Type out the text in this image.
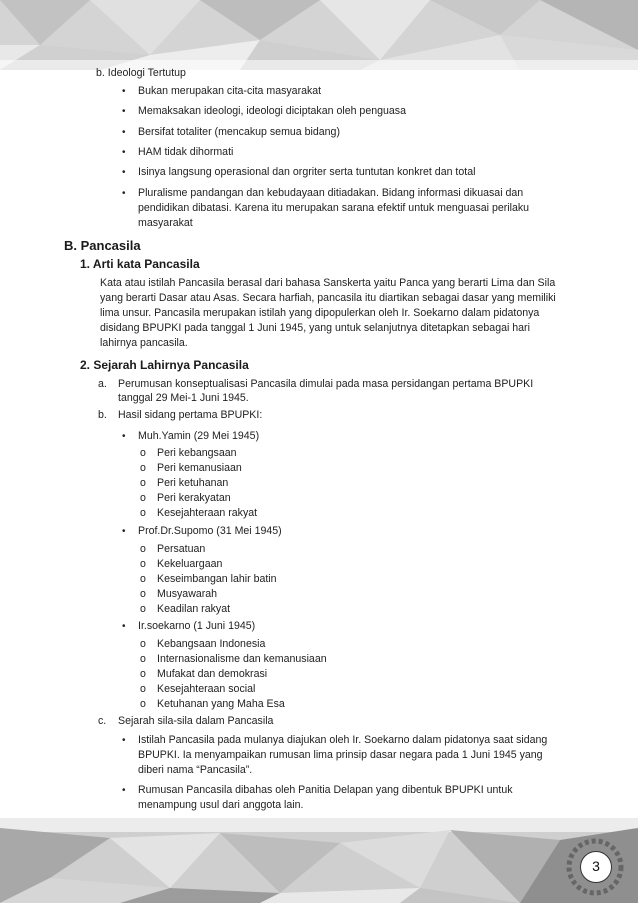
b. Ideologi Tertutup
• Bukan merupakan cita-cita masyarakat
• Memaksakan ideologi, ideologi diciptakan oleh penguasa
• Bersifat totaliter (mencakup semua bidang)
• HAM tidak dihormati
• Isinya langsung operasional dan orgriter serta tuntutan konkret dan total
• Pluralisme pandangan dan kebudayaan ditiadakan. Bidang informasi dikuasai dan
pendidikan dibatasi. Karena itu merupakan sarana efektif untuk menguasai perilaku
masyarakat
B. Pancasila
1. Arti kata Pancasila
Kata atau istilah Pancasila berasal dari bahasa Sanskerta yaitu Panca yang berarti Lima dan Sila
yang berarti Dasar atau Asas. Secara harfiah, pancasila itu diartikan sebagai dasar yang memiliki
lima unsur. Pancasila merupakan istilah yang dipopulerkan oleh Ir. Soekarno dalam pidatonya
disidang BPUPKI pada tanggal 1 Juni 1945, yang untuk selanjutnya ditetapkan sebagai hari
lahirnya pancasila.
2. Sejarah Lahirnya Pancasila
a. Perumusan konseptualisasi Pancasila dimulai pada masa persidangan pertama BPUPKI
tanggal 29 Mei-1 Juni 1945.
b. Hasil sidang pertama BPUPKI:
• Muh.Yamin (29 Mei 1945)
o Peri kebangsaan
o Peri kemanusiaan
o Peri ketuhanan
o Peri kerakyatan
o Kesejahteraan rakyat
• Prof.Dr.Supomo (31 Mei 1945)
o Persatuan
o Kekeluargaan
o Keseimbangan lahir batin
o Musyawarah
o Keadilan rakyat
• Ir.soekarno (1 Juni 1945)
o Kebangsaan Indonesia
o Internasionalisme dan kemanusiaan
o Mufakat dan demokrasi
o Kesejahteraan social
o Ketuhanan yang Maha Esa
c. Sejarah sila-sila dalam Pancasila
• Istilah Pancasila pada mulanya diajukan oleh Ir. Soekarno dalam pidatonya saat sidang
BPUPKI. Ia menyampaikan rumusan lima prinsip dasar negara pada 1 Juni 1945 yang
diberi nama “Pancasila”.
• Rumusan Pancasila dibahas oleh Panitia Delapan yang dibentuk BPUPKI untuk
menampung usul dari anggota lain.
3
